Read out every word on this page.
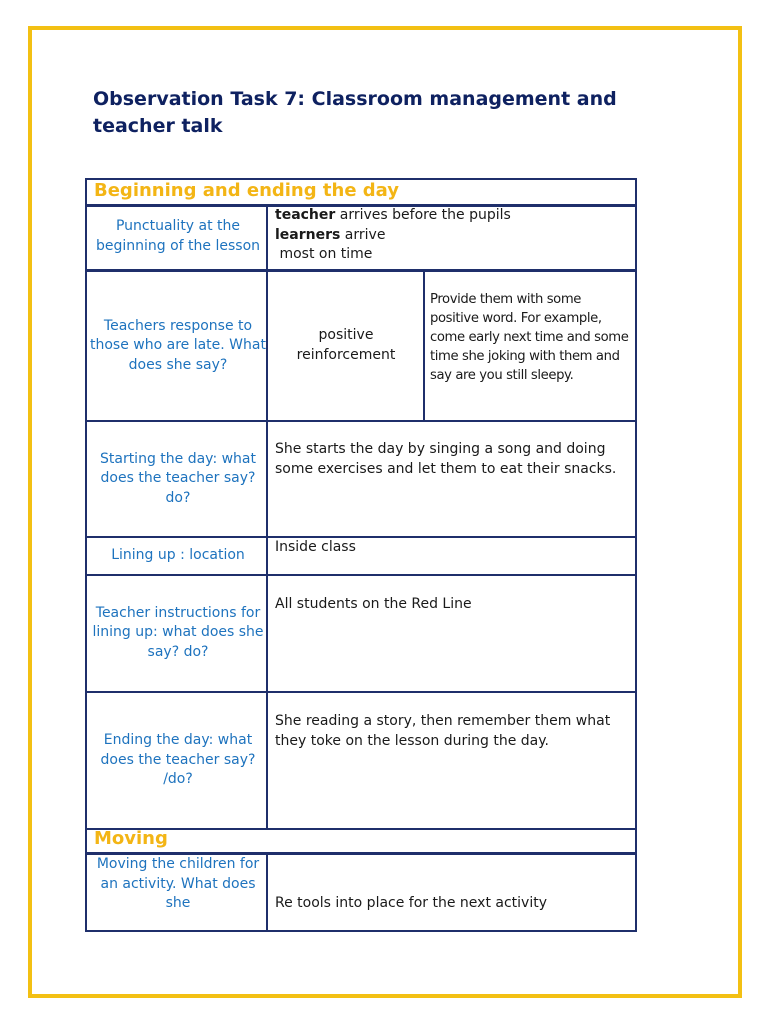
Observation Task 7: Classroom management and teacher talk
Beginning and ending the day
Punctuality at the beginning of the lesson
teacher arrives before the pupils
learners arrive
most on time
Teachers response to those who are late. What does she say?
positive reinforcement
Provide them with some positive word. For example, come early next time and some time she joking with them and say are you still sleepy.
Starting the day: what does the teacher say? do?
She starts the day by singing a song and doing some exercises and let them to eat their snacks.
Lining up : location
Inside class
Teacher instructions for lining up: what does she say? do?
All students on the Red Line
Ending the day: what does the teacher say? /do?
She reading a story, then remember them what they toke on the lesson during the day.
Moving
Moving the children for an activity. What does she	Re tools into place for the next activity
